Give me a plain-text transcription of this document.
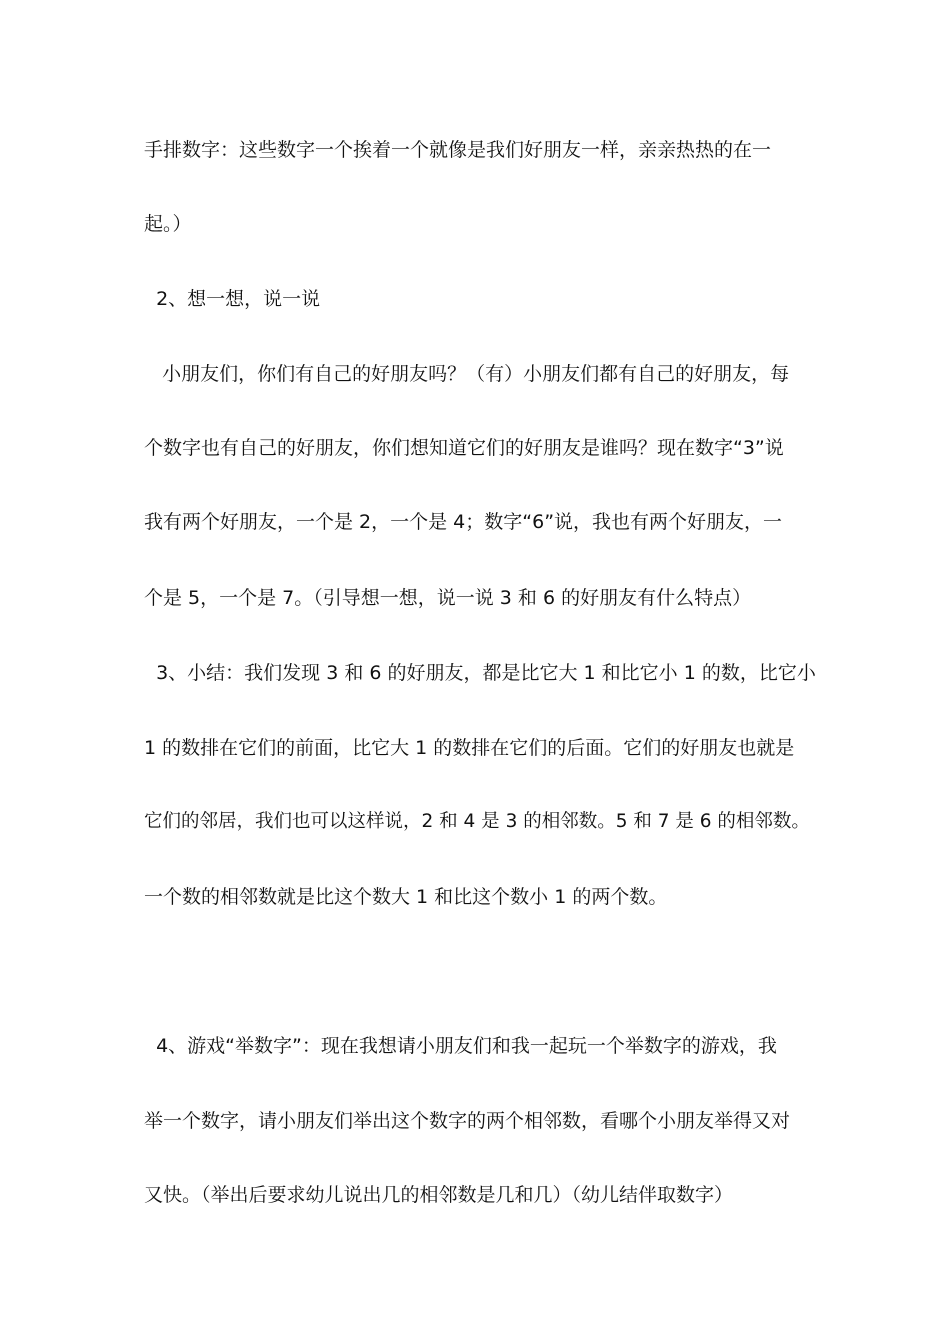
手排数字：这些数字一个挨着一个就像是我们好朋友一样，亲亲热热的在一
起。）
2、想一想，说一说
小朋友们，你们有自己的好朋友吗？（有）小朋友们都有自己的好朋友，每
个数字也有自己的好朋友，你们想知道它们的好朋友是谁吗？现在数字“3”说
我有两个好朋友，一个是 2，一个是 4；数字“6”说，我也有两个好朋友，一
个是 5，一个是 7。（引导想一想，说一说 3 和 6 的好朋友有什么特点）
3、小结：我们发现 3 和 6 的好朋友，都是比它大 1 和比它小 1 的数，比它小
1 的数排在它们的前面，比它大 1 的数排在它们的后面。它们的好朋友也就是
它们的邻居，我们也可以这样说，2 和 4 是 3 的相邻数。5 和 7 是 6 的相邻数。
一个数的相邻数就是比这个数大 1 和比这个数小 1 的两个数。
4、游戏“举数字”：现在我想请小朋友们和我一起玩一个举数字的游戏，我
举一个数字，请小朋友们举出这个数字的两个相邻数，看哪个小朋友举得又对
又快。（举出后要求幼儿说出几的相邻数是几和几）（幼儿结伴取数字）
